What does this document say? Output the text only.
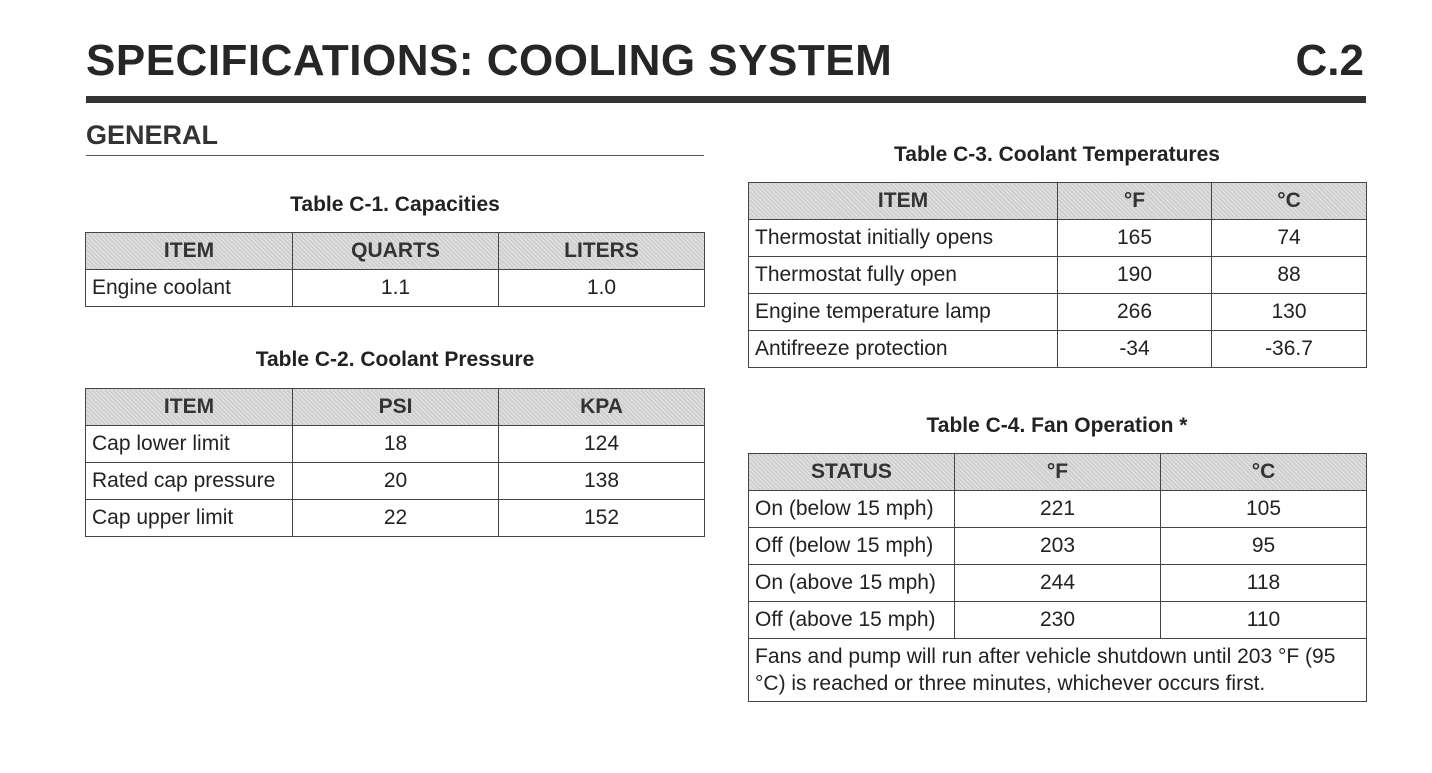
SPECIFICATIONS: COOLING SYSTEM	C.2
GENERAL
Table C-1. Capacities
ITEM	QUARTS	LITERS
Engine coolant	1.1	1.0
Table C-2. Coolant Pressure
ITEM	PSI	KPA
Cap lower limit	18	124
Rated cap pressure	20	138
Cap upper limit	22	152
Table C-3. Coolant Temperatures
ITEM	°F	°C
Thermostat initially opens	165	74
Thermostat fully open	190	88
Engine temperature lamp	266	130
Antifreeze protection	-34	-36.7
Table C-4. Fan Operation *
STATUS	°F	°C
On (below 15 mph)	221	105
Off (below 15 mph)	203	95
On (above 15 mph)	244	118
Off (above 15 mph)	230	110
Fans and pump will run after vehicle shutdown until 203 °F (95 °C) is reached or three minutes, whichever occurs first.		
